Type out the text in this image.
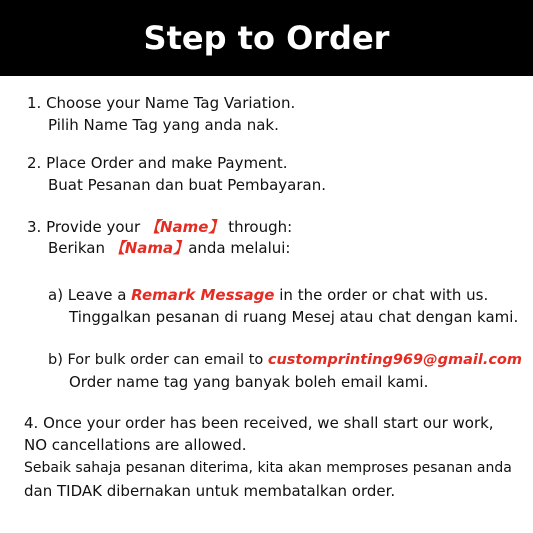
Step to Order
1. Choose your Name Tag Variation.
Pilih Name Tag yang anda nak.
2. Place Order and make Payment.
Buat Pesanan dan buat Pembayaran.
3. Provide your 【Name】 through:
Berikan 【Nama】anda melalui:
a) Leave a Remark Message in the order or chat with us.
Tinggalkan pesanan di ruang Mesej atau chat dengan kami.
b) For bulk order can email to customprinting969@gmail.com
Order name tag yang banyak boleh email kami.
4. Once your order has been received, we shall start our work,
NO cancellations are allowed.
Sebaik sahaja pesanan diterima, kita akan memproses pesanan anda
dan TIDAK dibernakan untuk membatalkan order.
